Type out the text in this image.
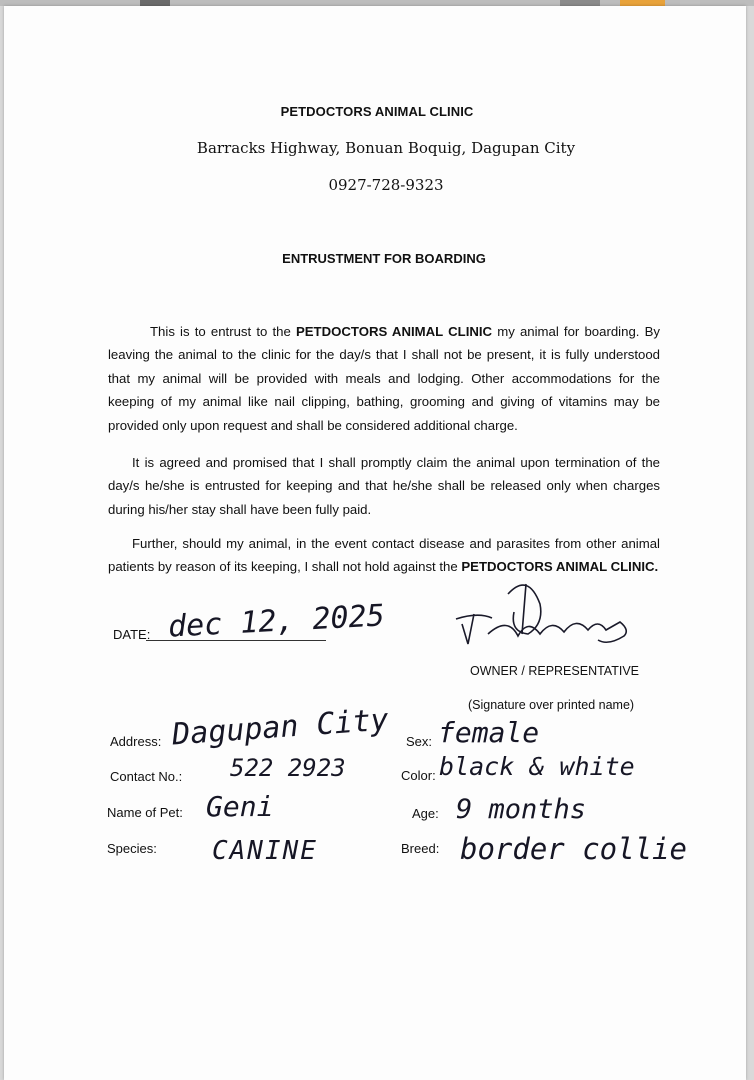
PETDOCTORS ANIMAL CLINIC
Barracks Highway, Bonuan Boquig, Dagupan City
0927-728-9323
ENTRUSTMENT FOR BOARDING
This is to entrust to the PETDOCTORS ANIMAL CLINIC my animal for boarding. By leaving the animal to the clinic for the day/s that I shall not be present, it is fully understood that my animal will be provided with meals and lodging. Other accommodations for the keeping of my animal like nail clipping, bathing, grooming and giving of vitamins may be provided only upon request and shall be considered additional charge.
It is agreed and promised that I shall promptly claim the animal upon termination of the day/s he/she is entrusted for keeping and that he/she shall be released only when charges during his/her stay shall have been fully paid.
Further, should my animal, in the event contact disease and parasites from other animal patients by reason of its keeping, I shall not hold against the PETDOCTORS ANIMAL CLINIC.
DATE: dec 12, 2025
OWNER / REPRESENTATIVE
(Signature over printed name)
Address: Dagupan City
Contact No.: 522 2923
Name of Pet: Geni
Species: CANINE
Sex: female
Color: black & white
Age: 9 months
Breed: border collie
